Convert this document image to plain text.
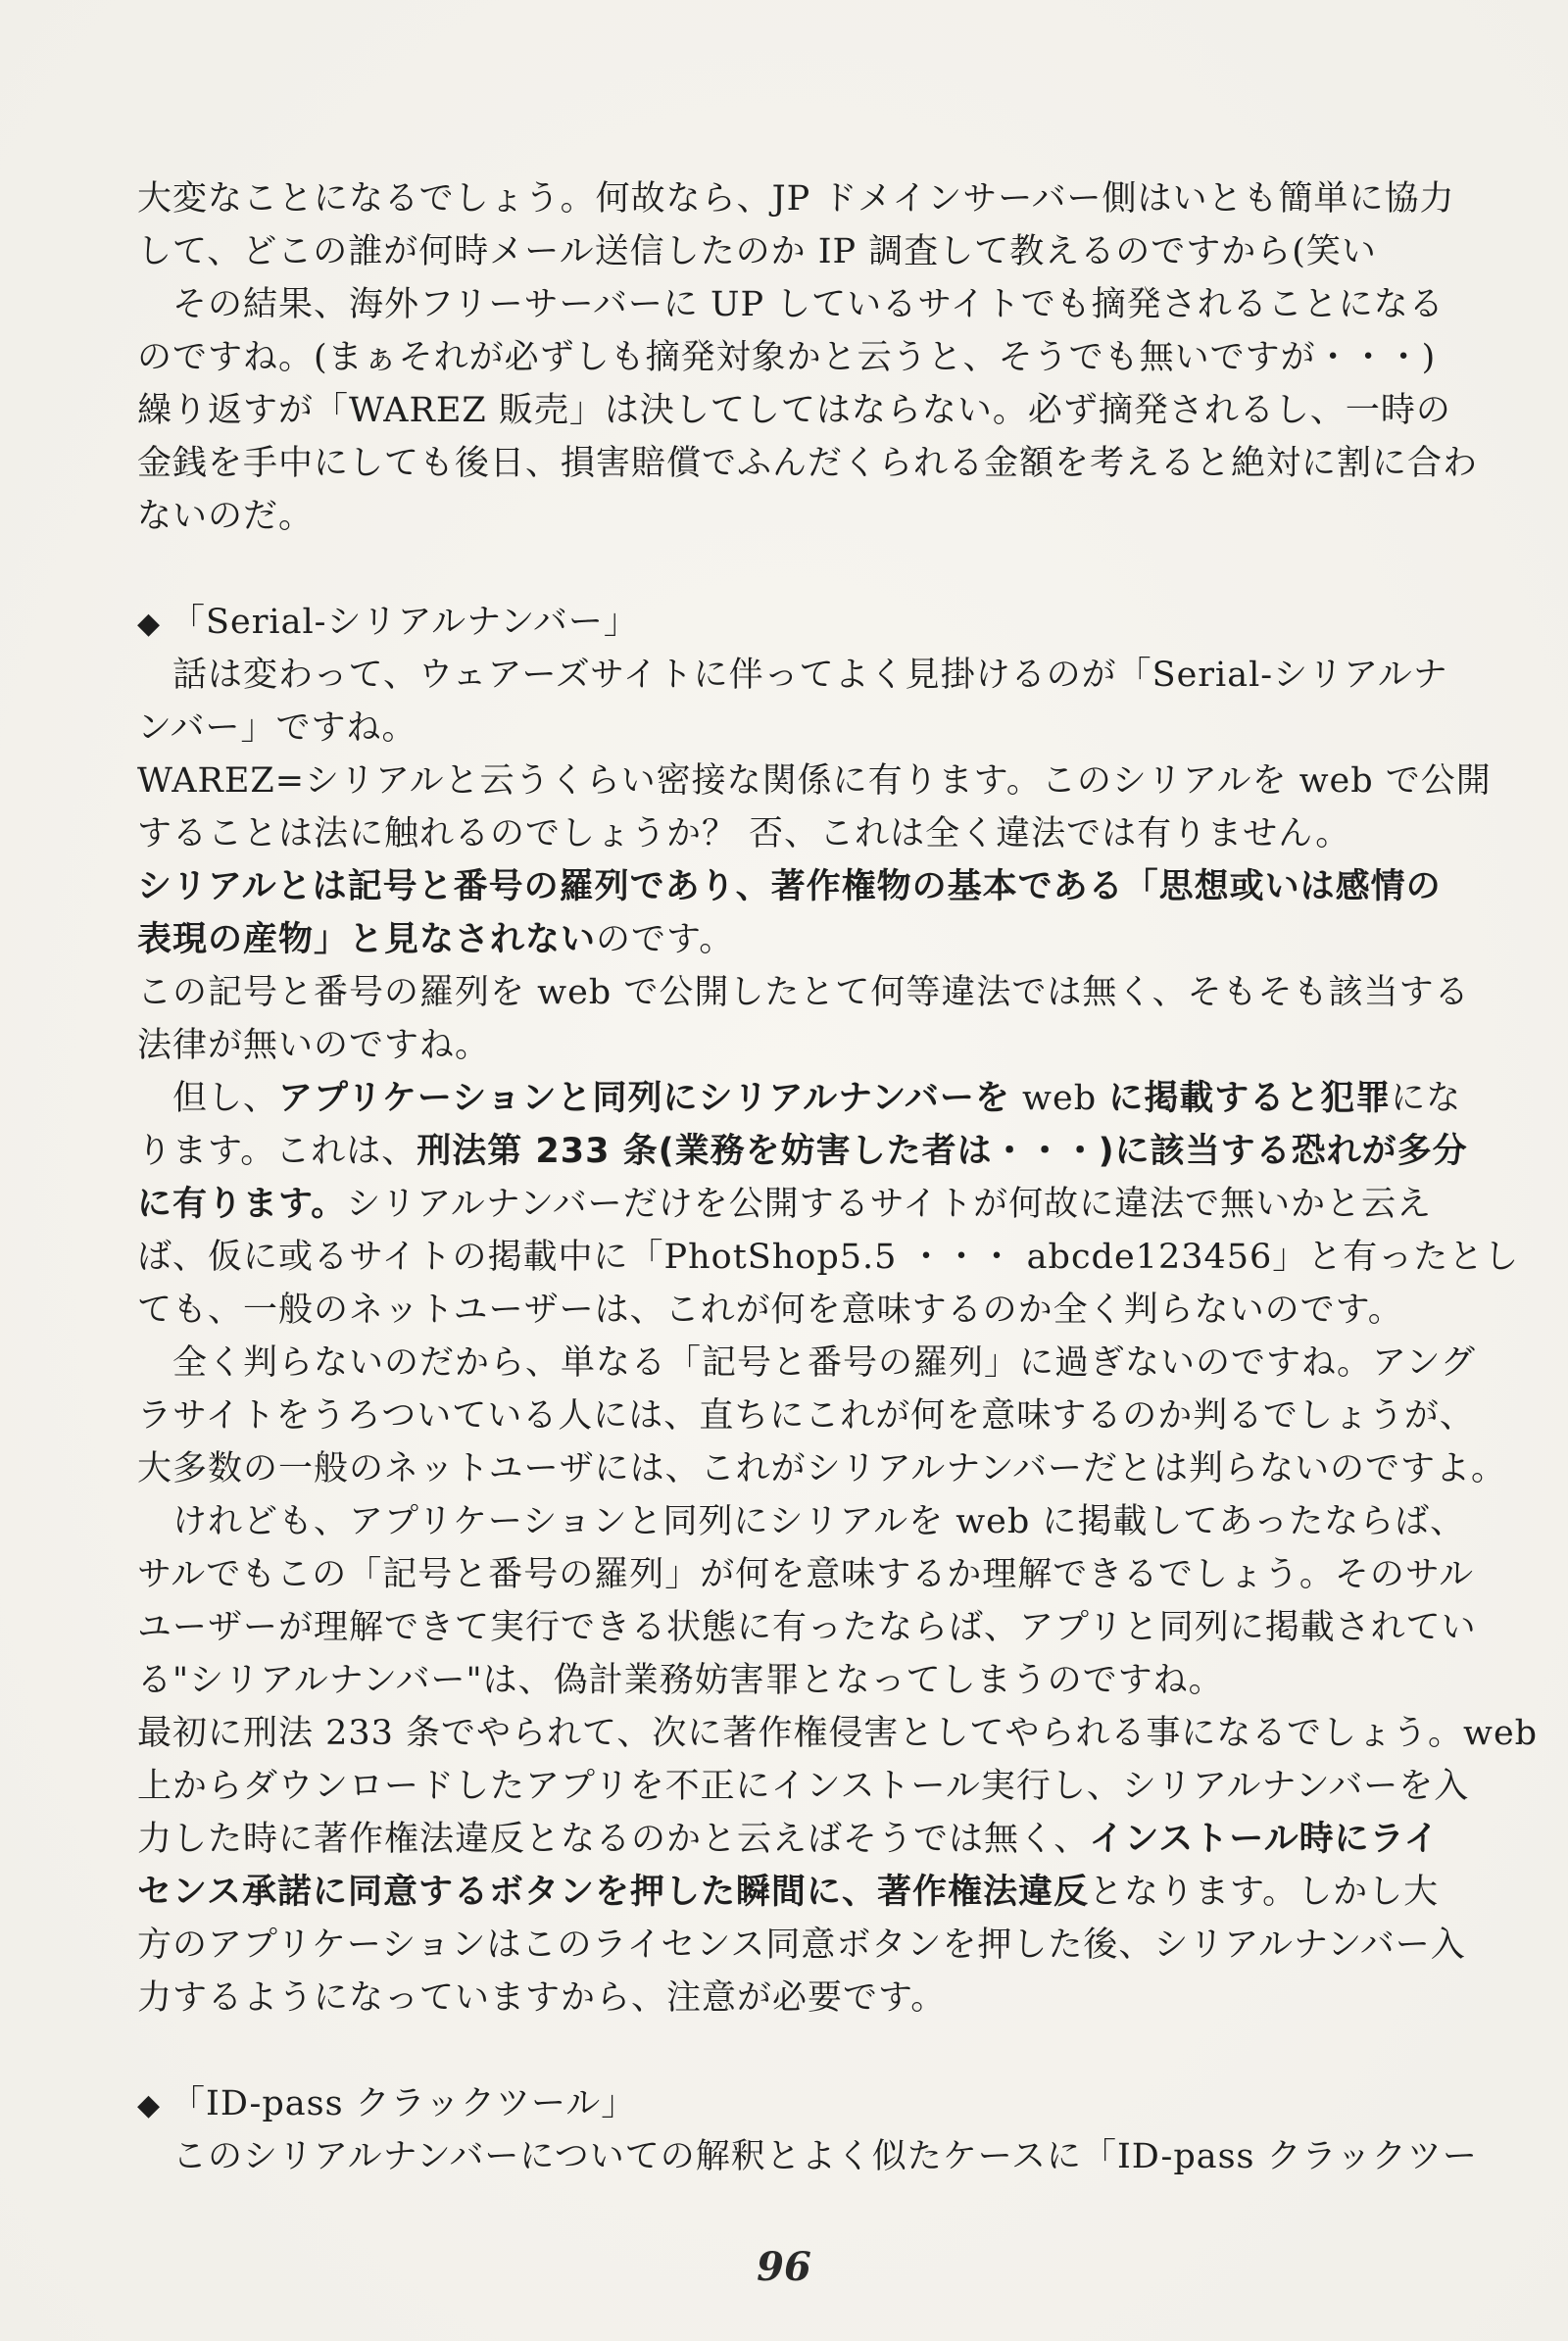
大変なことになるでしょう。何故なら、JP ドメインサーバー側はいとも簡単に協力
して、どこの誰が何時メール送信したのか IP 調査して教えるのですから(笑い
　その結果、海外フリーサーバーに UP しているサイトでも摘発されることになる
のですね。(まぁそれが必ずしも摘発対象かと云うと、そうでも無いですが・・・)
繰り返すが「WAREZ 販売」は決してしてはならない。必ず摘発されるし、一時の
金銭を手中にしても後日、損害賠償でふんだくられる金額を考えると絶対に割に合わ
ないのだ。
◆ 「Serial-シリアルナンバー」
　話は変わって、ウェアーズサイトに伴ってよく見掛けるのが「Serial-シリアルナ
ンバー」ですね。
WAREZ=シリアルと云うくらい密接な関係に有ります。このシリアルを web で公開
することは法に触れるのでしょうか？ 否、これは全く違法では有りません。
シリアルとは記号と番号の羅列であり、著作権物の基本である「思想或いは感情の
表現の産物」と見なされないのです。
この記号と番号の羅列を web で公開したとて何等違法では無く、そもそも該当する
法律が無いのですね。
　但し、アプリケーションと同列にシリアルナンバーを web に掲載すると犯罪にな
ります。これは、刑法第 233 条(業務を妨害した者は・・・)に該当する恐れが多分
に有ります。シリアルナンバーだけを公開するサイトが何故に違法で無いかと云え
ば、仮に或るサイトの掲載中に「PhotShop5.5 ・・・ abcde123456」と有ったとし
ても、一般のネットユーザーは、これが何を意味するのか全く判らないのです。
　全く判らないのだから、単なる「記号と番号の羅列」に過ぎないのですね。アング
ラサイトをうろついている人には、直ちにこれが何を意味するのか判るでしょうが、
大多数の一般のネットユーザには、これがシリアルナンバーだとは判らないのですよ。
　けれども、アプリケーションと同列にシリアルを web に掲載してあったならば、
サルでもこの「記号と番号の羅列」が何を意味するか理解できるでしょう。そのサル
ユーザーが理解できて実行できる状態に有ったならば、アプリと同列に掲載されてい
る"シリアルナンバー"は、偽計業務妨害罪となってしまうのですね。
最初に刑法 233 条でやられて、次に著作権侵害としてやられる事になるでしょう。web
上からダウンロードしたアプリを不正にインストール実行し、シリアルナンバーを入
力した時に著作権法違反となるのかと云えばそうでは無く、インストール時にライ
センス承諾に同意するボタンを押した瞬間に、著作権法違反となります。しかし大
方のアプリケーションはこのライセンス同意ボタンを押した後、シリアルナンバー入
力するようになっていますから、注意が必要です。
◆ 「ID-pass クラックツール」
　このシリアルナンバーについての解釈とよく似たケースに「ID-pass クラックツー
96
